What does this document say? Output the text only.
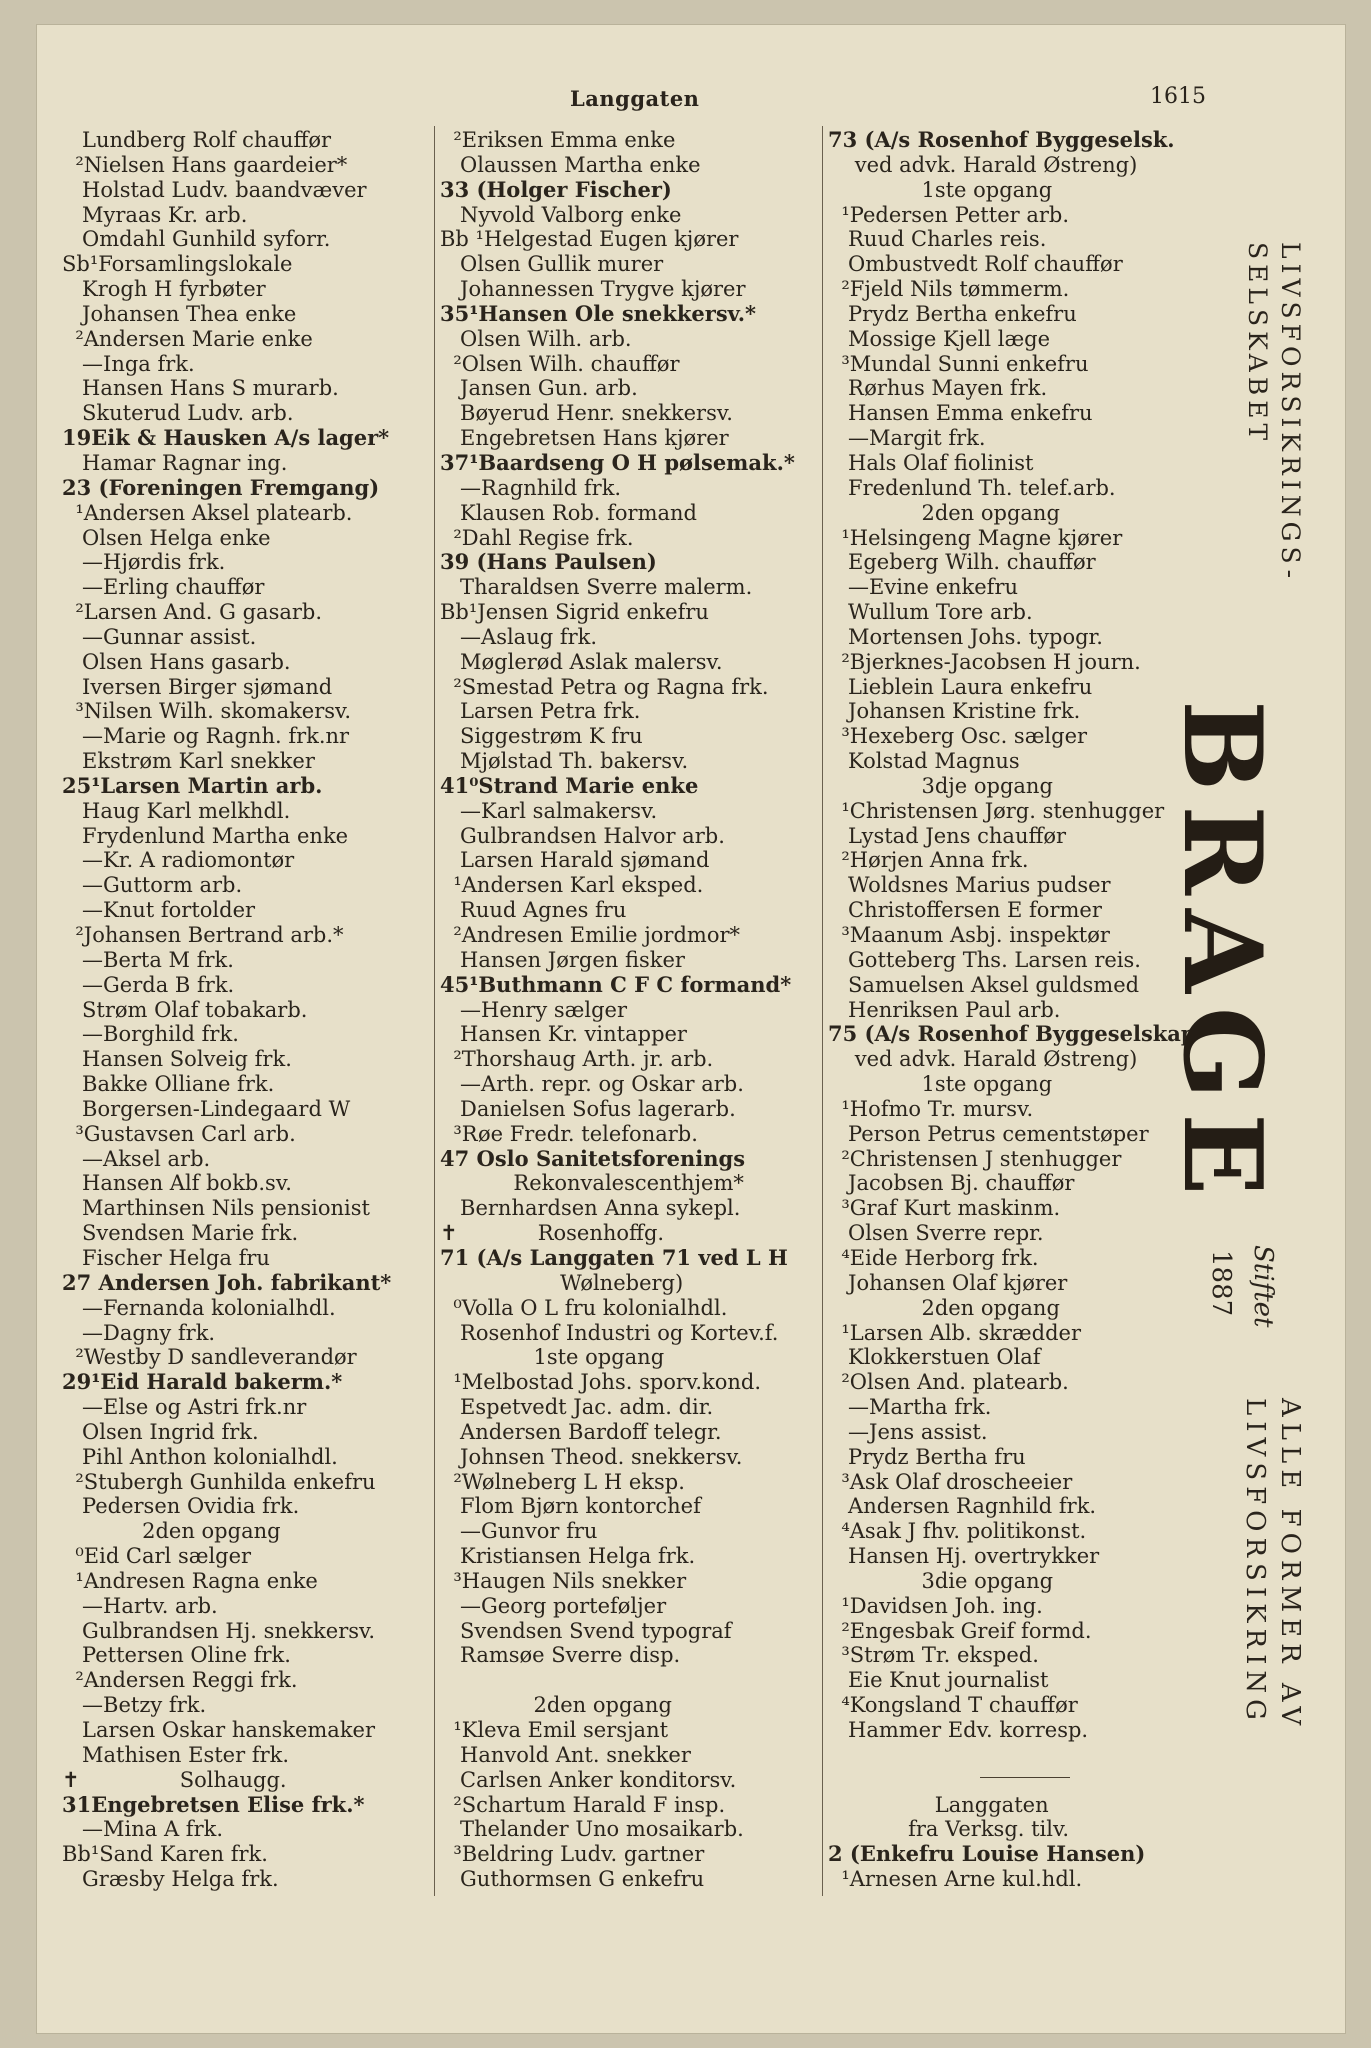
Langgaten	1615
Lundberg Rolf chauffør
²Nielsen Hans gaardeier*
Holstad Ludv. baandvæver
Myraas Kr. arb.
Omdahl Gunhild syforr.
Sb¹Forsamlingslokale
Krogh H fyrbøter
Johansen Thea enke
²Andersen Marie enke
—Inga frk.
Hansen Hans S murarb.
Skuterud Ludv. arb.
19Eik & Hausken A/s lager*
Hamar Ragnar ing.
23 (Foreningen Fremgang)
¹Andersen Aksel platearb.
Olsen Helga enke
—Hjørdis frk.
—Erling chauffør
²Larsen And. G gasarb.
—Gunnar assist.
Olsen Hans gasarb.
Iversen Birger sjømand
³Nilsen Wilh. skomakersv.
—Marie og Ragnh. frk.nr
Ekstrøm Karl snekker
25¹Larsen Martin arb.
Haug Karl melkhdl.
Frydenlund Martha enke
—Kr. A radiomontør
—Guttorm arb.
—Knut fortolder
²Johansen Bertrand arb.*
—Berta M frk.
—Gerda B frk.
Strøm Olaf tobakarb.
—Borghild frk.
Hansen Solveig frk.
Bakke Olliane frk.
Borgersen-Lindegaard W
³Gustavsen Carl arb.
—Aksel arb.
Hansen Alf bokb.sv.
Marthinsen Nils pensionist
Svendsen Marie frk.
Fischer Helga fru
27 Andersen Joh. fabrikant*
—Fernanda kolonialhdl.
—Dagny frk.
²Westby D sandleverandør
29¹Eid Harald bakerm.*
—Else og Astri frk.nr
Olsen Ingrid frk.
Pihl Anthon kolonialhdl.
²Stubergh Gunhilda enkefru
Pedersen Ovidia frk.
2den opgang
⁰Eid Carl sælger
¹Andresen Ragna enke
—Hartv. arb.
Gulbrandsen Hj. snekkersv.
Pettersen Oline frk.
²Andersen Reggi frk.
—Betzy frk.
Larsen Oskar hanskemaker
Mathisen Ester frk.
✝               Solhaugg.
31Engebretsen Elise frk.*
—Mina A frk.
Bb¹Sand Karen frk.
Græsby Helga frk.
²Eriksen Emma enke
Olaussen Martha enke
33 (Holger Fischer)
Nyvold Valborg enke
Bb ¹Helgestad Eugen kjører
Olsen Gullik murer
Johannessen Trygve kjører
35¹Hansen Ole snekkersv.*
Olsen Wilh. arb.
²Olsen Wilh. chauffør
Jansen Gun. arb.
Bøyerud Henr. snekkersv.
Engebretsen Hans kjører
37¹Baardseng O H pølsemak.*
—Ragnhild frk.
Klausen Rob. formand
²Dahl Regise frk.
39 (Hans Paulsen)
Tharaldsen Sverre malerm.
Bb¹Jensen Sigrid enkefru
—Aslaug frk.
Møglerød Aslak malersv.
²Smestad Petra og Ragna frk.
Larsen Petra frk.
Siggestrøm K fru
Mjølstad Th. bakersv.
41⁰Strand Marie enke
—Karl salmakersv.
Gulbrandsen Halvor arb.
Larsen Harald sjømand
¹Andersen Karl eksped.
Ruud Agnes fru
²Andresen Emilie jordmor*
Hansen Jørgen fisker
45¹Buthmann C F C formand*
—Henry sælger
Hansen Kr. vintapper
²Thorshaug Arth. jr. arb.
—Arth. repr. og Oskar arb.
Danielsen Sofus lagerarb.
³Røe Fredr. telefonarb.
47 Oslo Sanitetsforenings
Rekonvalescenthjem*
Bernhardsen Anna sykepl.
✝            Rosenhoffg.
71 (A/s Langgaten 71 ved L H
Wølneberg)
⁰Volla O L fru kolonialhdl.
Rosenhof Industri og Kortev.f.
1ste opgang
¹Melbostad Johs. sporv.kond.
Espetvedt Jac. adm. dir.
Andersen Bardoff telegr.
Johnsen Theod. snekkersv.
²Wølneberg L H eksp.
Flom Bjørn kontorchef
—Gunvor fru
Kristiansen Helga frk.
³Haugen Nils snekker
—Georg porteføljer
Svendsen Svend typograf
Ramsøe Sverre disp.
2den opgang
¹Kleva Emil sersjant
Hanvold Ant. snekker
Carlsen Anker konditorsv.
²Schartum Harald F insp.
Thelander Uno mosaikarb.
³Beldring Ludv. gartner
Guthormsen G enkefru
73 (A/s Rosenhof Byggeselsk.
ved advk. Harald Østreng)
1ste opgang
¹Pedersen Petter arb.
Ruud Charles reis.
Ombustvedt Rolf chauffør
²Fjeld Nils tømmerm.
Prydz Bertha enkefru
Mossige Kjell læge
³Mundal Sunni enkefru
Rørhus Mayen frk.
Hansen Emma enkefru
—Margit frk.
Hals Olaf fiolinist
Fredenlund Th. telef.arb.
2den opgang
¹Helsingeng Magne kjører
Egeberg Wilh. chauffør
—Evine enkefru
Wullum Tore arb.
Mortensen Johs. typogr.
²Bjerknes-Jacobsen H journ.
Lieblein Laura enkefru
Johansen Kristine frk.
³Hexeberg Osc. sælger
Kolstad Magnus
3dje opgang
¹Christensen Jørg. stenhugger
Lystad Jens chauffør
²Hørjen Anna frk.
Woldsnes Marius pudser
Christoffersen E former
³Maanum Asbj. inspektør
Gotteberg Ths. Larsen reis.
Samuelsen Aksel guldsmed
Henriksen Paul arb.
75 (A/s Rosenhof Byggeselskap
ved advk. Harald Østreng)
1ste opgang
¹Hofmo Tr. mursv.
Person Petrus cementstøper
²Christensen J stenhugger
Jacobsen Bj. chauffør
³Graf Kurt maskinm.
Olsen Sverre repr.
⁴Eide Herborg frk.
Johansen Olaf kjører
2den opgang
¹Larsen Alb. skrædder
Klokkerstuen Olaf
²Olsen And. platearb.
—Martha frk.
—Jens assist.
Prydz Bertha fru
³Ask Olaf droscheeier
Andersen Ragnhild frk.
⁴Asak J fhv. politikonst.
Hansen Hj. overtrykker
3die opgang
¹Davidsen Joh. ing.
²Engesbak Greif formd.
³Strøm Tr. eksped.
Eie Knut journalist
⁴Kongsland T chauffør
Hammer Edv. korresp.
Langgaten
fra Verksg. tilv.
2 (Enkefru Louise Hansen)
¹Arnesen Arne kul.hdl.
LIVSFORSIKRINGS-
SELSKABET
BRAGE
Stiftet
1887
ALLE FORMER AV
LIVSFORSIKRING
